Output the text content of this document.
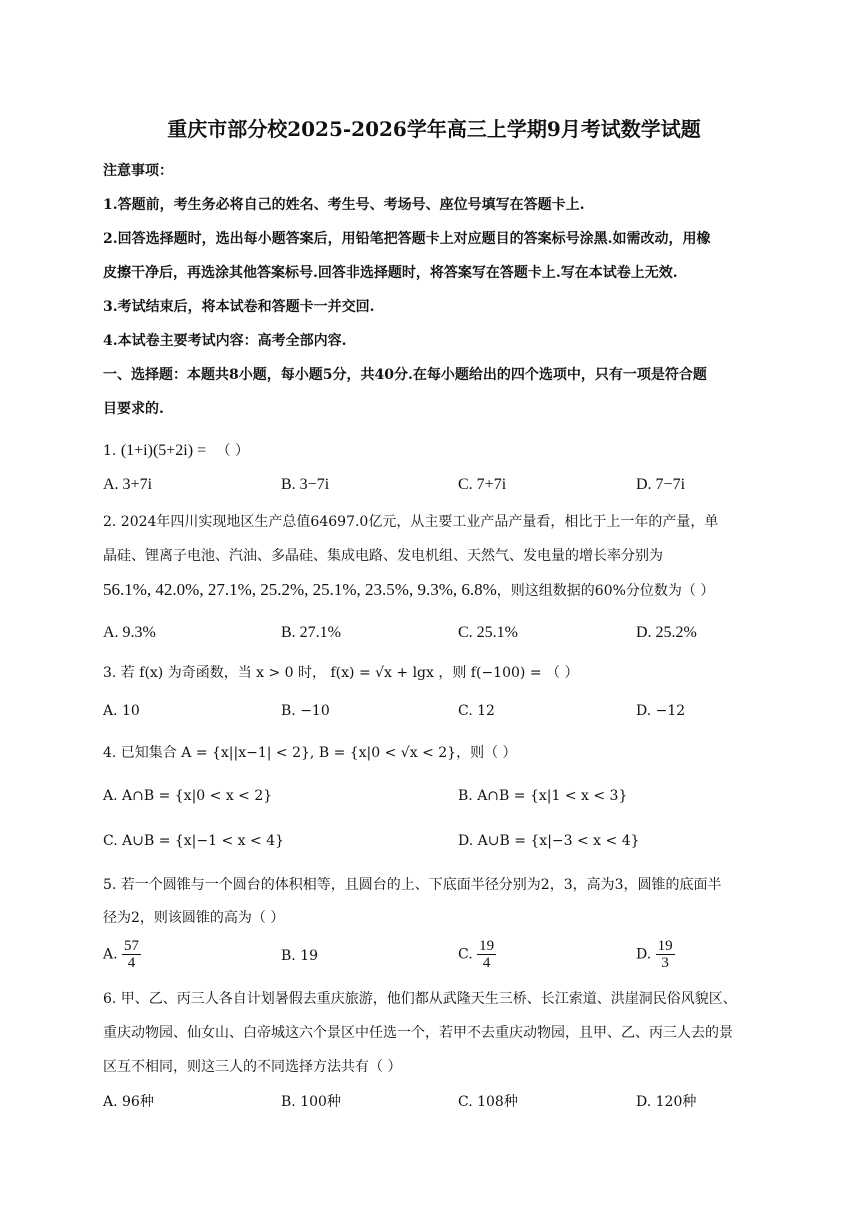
重庆市部分校2025-2026学年高三上学期9月考试数学试题
注意事项：
1.答题前，考生务必将自己的姓名、考生号、考场号、座位号填写在答题卡上.
2.回答选择题时，选出每小题答案后，用铅笔把答题卡上对应题目的答案标号涂黑.如需改动，用橡
皮擦干净后，再选涂其他答案标号.回答非选择题时，将答案写在答题卡上.写在本试卷上无效.
3.考试结束后，将本试卷和答题卡一并交回.
4.本试卷主要考试内容：高考全部内容.
一、选择题：本题共8小题，每小题5分，共40分.在每小题给出的四个选项中，只有一项是符合题
目要求的.
1. (1+i)(5+2i) = （ ）
A. 3+7i	B. 3−7i	C. 7+7i	D. 7−7i
2. 2024年四川实现地区生产总值64697.0亿元，从主要工业产品产量看，相比于上一年的产量，单
晶硅、锂离子电池、汽油、多晶硅、集成电路、发电机组、天然气、发电量的增长率分别为
56.1%, 42.0%, 27.1%, 25.2%, 25.1%, 23.5%, 9.3%, 6.8%，则这组数据的60%分位数为（ ）
A. 9.3%	B. 27.1%	C. 25.1%	D. 25.2%
3. 若 f(x) 为奇函数，当 x > 0 时， f(x) = √x + lgx ，则 f(−100) = （ ）
A. 10	B. −10	C. 12	D. −12
4. 已知集合 A = {x||x−1| < 2}, B = {x|0 < √x < 2}，则（ ）
A. A∩B = {x|0 < x < 2}	B. A∩B = {x|1 < x < 3}
C. A∪B = {x|−1 < x < 4}	D. A∪B = {x|−3 < x < 4}
5. 若一个圆锥与一个圆台的体积相等，且圆台的上、下底面半径分别为2，3，高为3，圆锥的底面半
径为2，则该圆锥的高为（ ）
A. $\frac{57}{4}$	B. 19	C. $\frac{19}{4}$	D. $\frac{19}{3}$
6. 甲、乙、丙三人各自计划暑假去重庆旅游，他们都从武隆天生三桥、长江索道、洪崖洞民俗风貌区、
重庆动物园、仙女山、白帝城这六个景区中任选一个，若甲不去重庆动物园，且甲、乙、丙三人去的景
区互不相同，则这三人的不同选择方法共有（ ）
A. 96种	B. 100种	C. 108种	D. 120种
